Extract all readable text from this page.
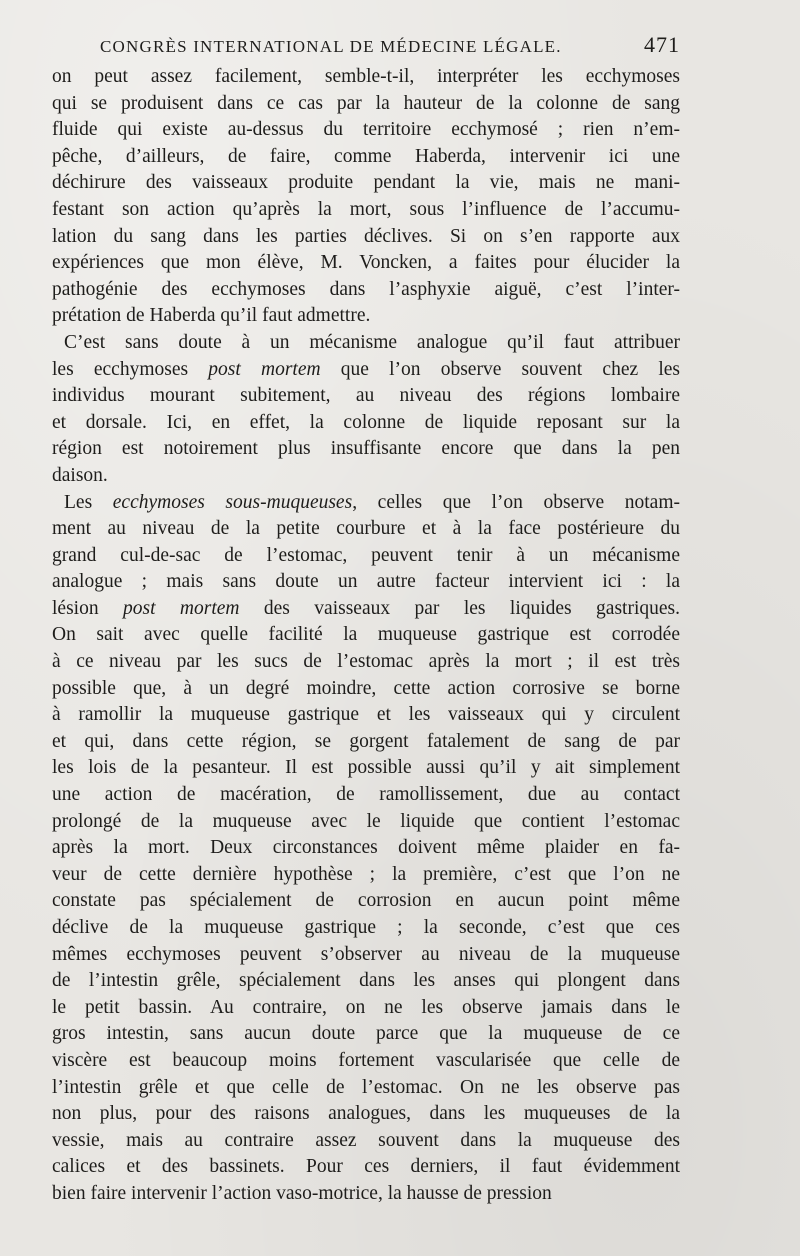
CONGRÈS INTERNATIONAL DE MÉDECINE LÉGALE.	471
on peut assez facilement, semble-t-il, interpréter les ecchymoses
qui se produisent dans ce cas par la hauteur de la colonne de sang
fluide qui existe au-dessus du territoire ecchymosé ; rien n’em-
pêche, d’ailleurs, de faire, comme Haberda, intervenir ici une
déchirure des vaisseaux produite pendant la vie, mais ne mani-
festant son action qu’après la mort, sous l’influence de l’accumu-
lation du sang dans les parties déclives. Si on s’en rapporte aux
expériences que mon élève, M. Voncken, a faites pour élucider la
pathogénie des ecchymoses dans l’asphyxie aiguë, c’est l’inter-
prétation de Haberda qu’il faut admettre.
C’est sans doute à un mécanisme analogue qu’il faut attribuer
les ecchymoses post mortem que l’on observe souvent chez les
individus mourant subitement, au niveau des régions lombaire
et dorsale. Ici, en effet, la colonne de liquide reposant sur la
région est notoirement plus insuffisante encore que dans la pen
daison.
Les ecchymoses sous-muqueuses, celles que l’on observe notam-
ment au niveau de la petite courbure et à la face postérieure du
grand cul-de-sac de l’estomac, peuvent tenir à un mécanisme
analogue ; mais sans doute un autre facteur intervient ici : la
lésion post mortem des vaisseaux par les liquides gastriques.
On sait avec quelle facilité la muqueuse gastrique est corrodée
à ce niveau par les sucs de l’estomac après la mort ; il est très
possible que, à un degré moindre, cette action corrosive se borne
à ramollir la muqueuse gastrique et les vaisseaux qui y circulent
et qui, dans cette région, se gorgent fatalement de sang de par
les lois de la pesanteur. Il est possible aussi qu’il y ait simplement
une action de macération, de ramollissement, due au contact
prolongé de la muqueuse avec le liquide que contient l’estomac
après la mort. Deux circonstances doivent même plaider en fa-
veur de cette dernière hypothèse ; la première, c’est que l’on ne
constate pas spécialement de corrosion en aucun point même
déclive de la muqueuse gastrique ; la seconde, c’est que ces
mêmes ecchymoses peuvent s’observer au niveau de la muqueuse
de l’intestin grêle, spécialement dans les anses qui plongent dans
le petit bassin. Au contraire, on ne les observe jamais dans le
gros intestin, sans aucun doute parce que la muqueuse de ce
viscère est beaucoup moins fortement vascularisée que celle de
l’intestin grêle et que celle de l’estomac. On ne les observe pas
non plus, pour des raisons analogues, dans les muqueuses de la
vessie, mais au contraire assez souvent dans la muqueuse des
calices et des bassinets. Pour ces derniers, il faut évidemment
bien faire intervenir l’action vaso-motrice, la hausse de pression
